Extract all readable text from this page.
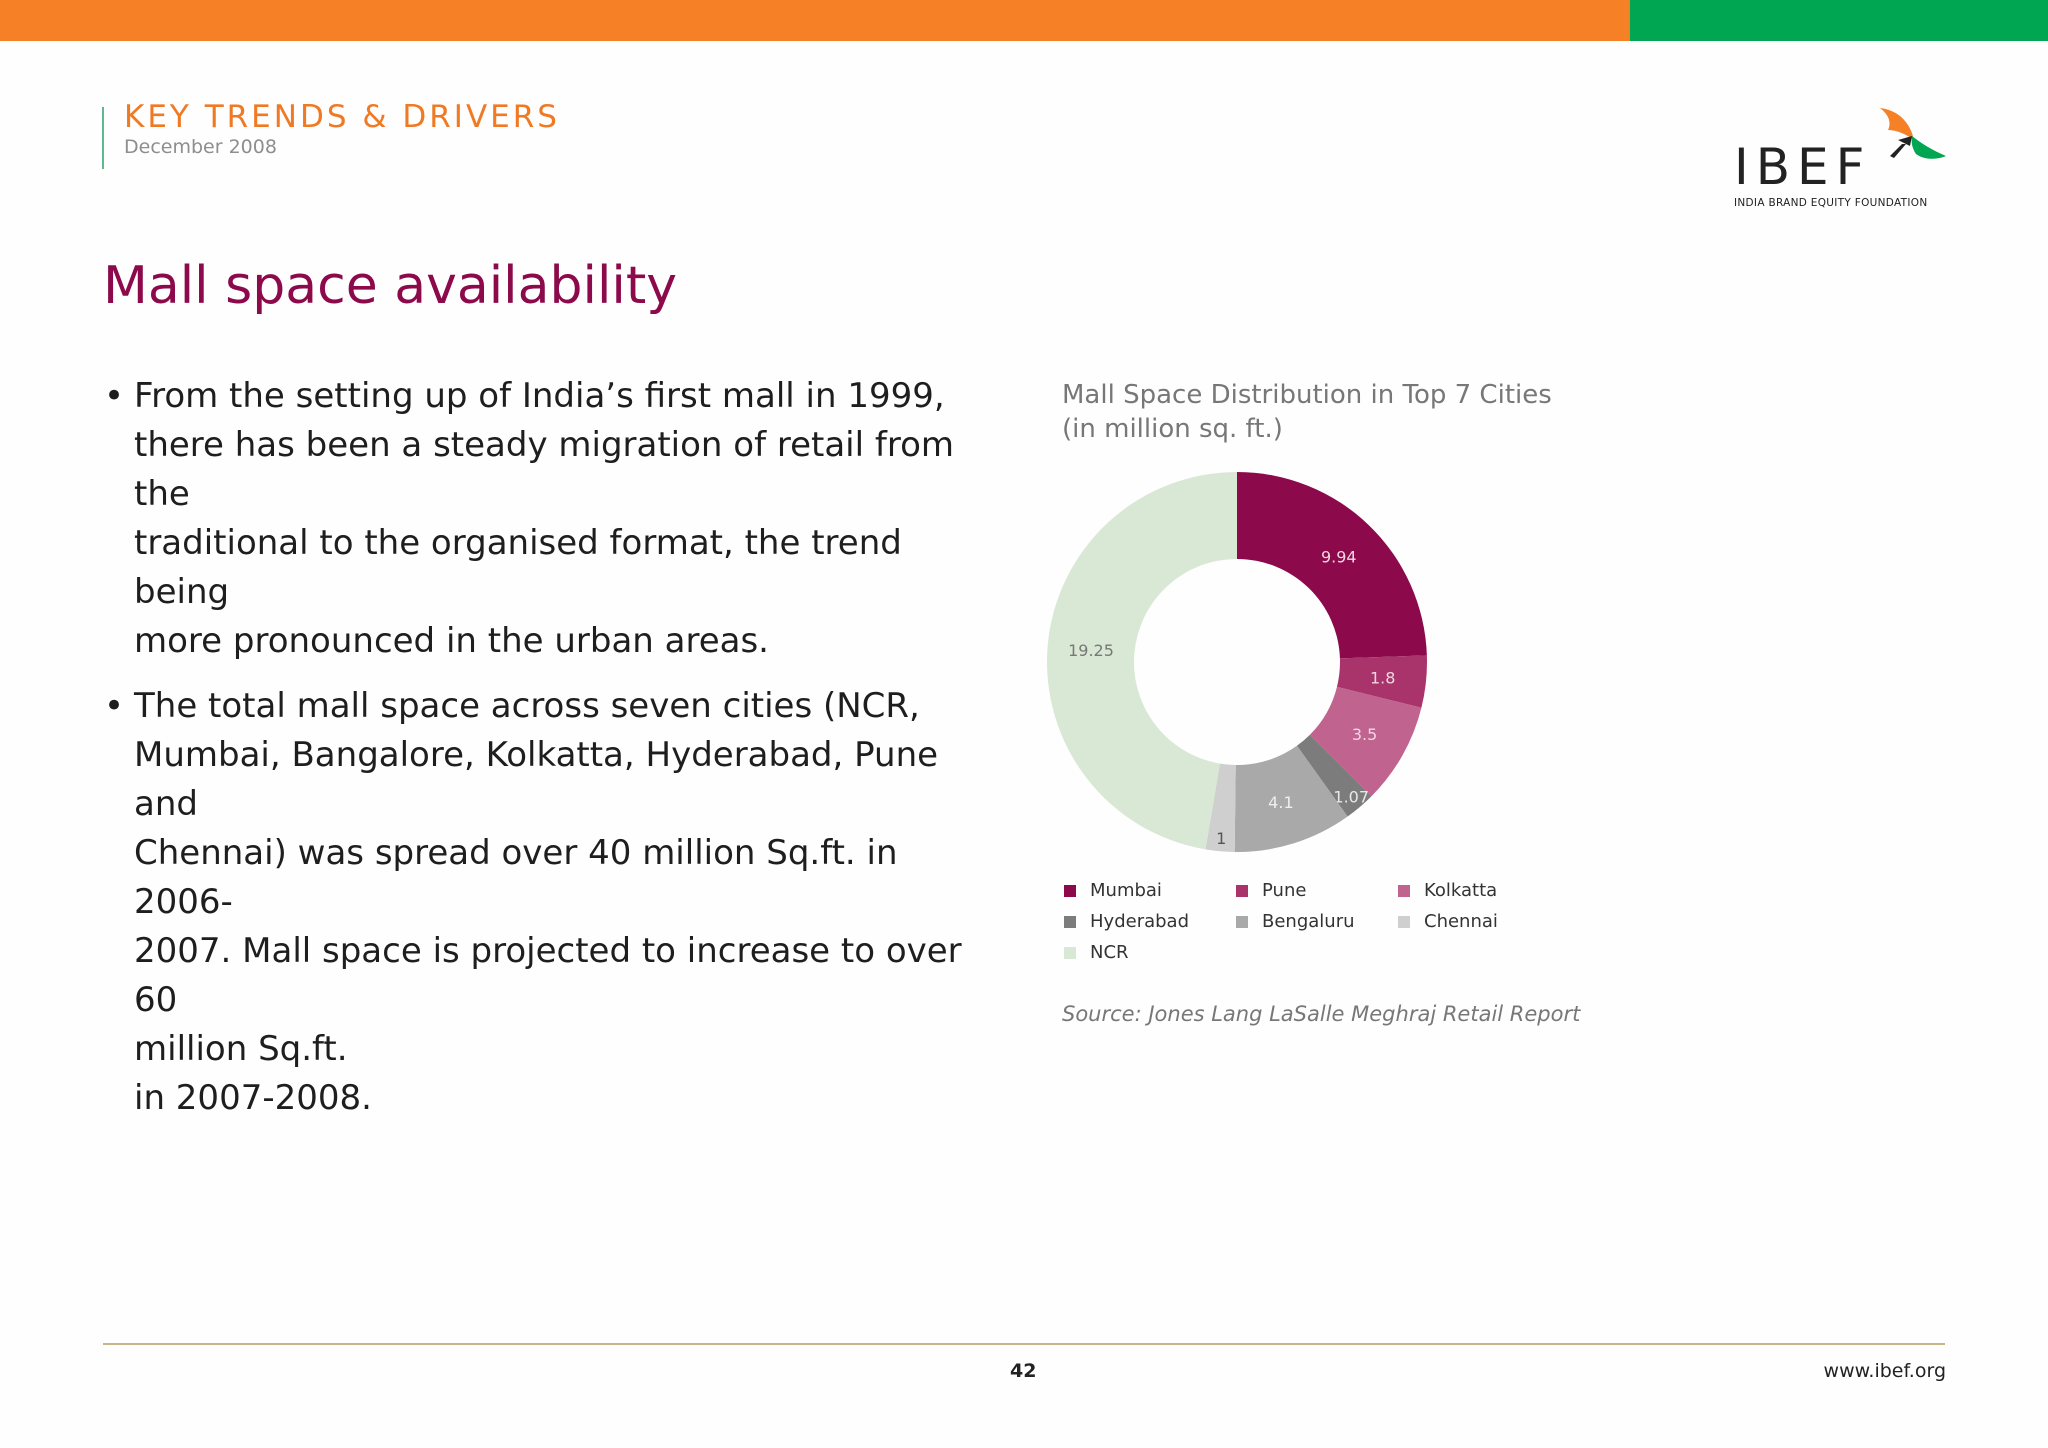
KEY TRENDS & DRIVERS
December 2008	IBEF
INDIA BRAND EQUITY FOUNDATION
Mall space availability
• From the setting up of India’s first mall in 1999,
there has been a steady migration of retail from the
traditional to the organised format, the trend being
more pronounced in the urban areas.
• The total mall space across seven cities (NCR,
Mumbai, Bangalore, Kolkatta, Hyderabad, Pune and
Chennai) was spread over 40 million Sq.ft. in 2006-
2007. Mall space is projected to increase to over 60
million Sq.ft.
in 2007-2008.
Mall Space Distribution in Top 7 Cities
(in million sq. ft.)
9.94
1.8
3.5
1.07
4.1
1
19.25
Mumbai	Pune	Kolkatta
Hyderabad	Bengaluru	Chennai
NCR
Source: Jones Lang LaSalle Meghraj Retail Report
42	www.ibef.org
